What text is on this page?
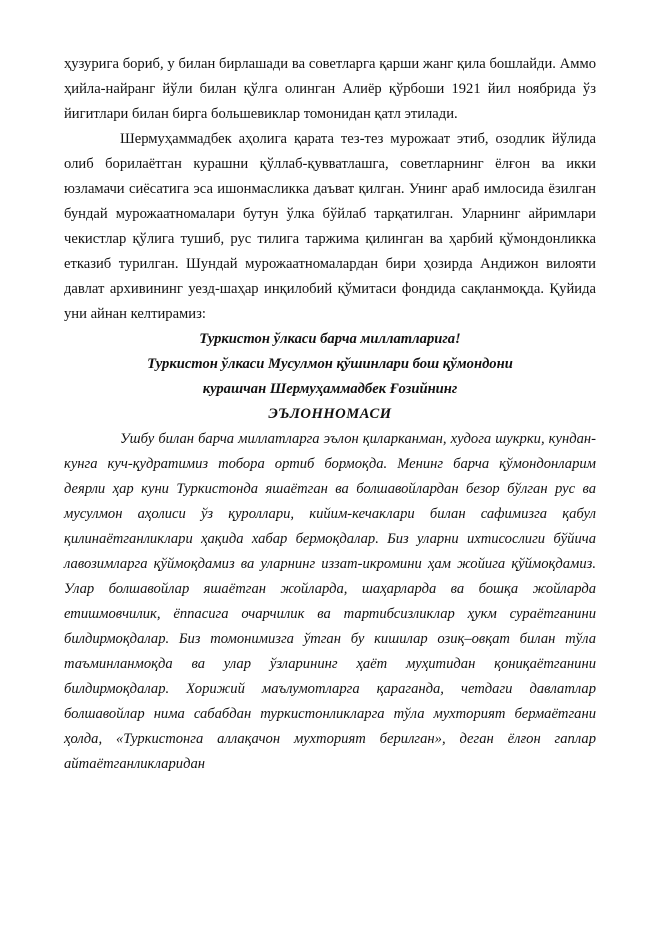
ҳузурига бориб, у билан бирлашади ва советларга қарши жанг қила бошлайди. Аммо ҳийла-найранг йўли билан қўлга олинган Алиёр қўрбоши 1921 йил ноябрида ўз йигитлари билан бирга большевиклар томонидан қатл этилади.

Шермуҳаммадбек аҳолига қарата тез-тез мурожаат этиб, озодлик йўлида олиб борилаётган курашни қўллаб-қувватлашга, советларнинг ёлғон ва икки юзламачи сиёсатига эса ишонмасликка даъват қилган. Унинг араб имлосида ёзилган бундай мурожаатномалари бутун ўлка бўйлаб тарқатилган. Уларнинг айримлари чекистлар қўлига тушиб, рус тилига таржима қилинган ва ҳарбий қўмондонликка етказиб турилган. Шундай мурожаатномалардан бири ҳозирда Андижон вилояти давлат архивининг уезд-шаҳар инқилобий қўмитаси фондида сақланмоқда. Қуйида уни айнан келтирамиз:

Туркистон ўлкаси барча миллатларига!

Туркистон ўлкаси Мусулмон қўшинлари бош қўмондони

курашчан Шермуҳаммадбек Ғозийнинг

ЭЪЛОННОМАСИ

Ушбу билан барча миллатларга эълон қиларканман, худога шукрки, кундан-кунга куч-қудратимиз тобора ортиб бормоқда. Менинг барча қўмондонларим деярли ҳар куни Туркистонда яшаётган ва болшавойлардан безор бўлган рус ва мусулмон аҳолиси ўз қуроллари, кийим-кечаклари билан сафимизга қабул қилинаётганликлари ҳақида хабар бермоқдалар. Биз уларни ихтисослиги бўйича лавозимларга қўймоқдамиз ва уларнинг иззат-икромини ҳам жойига қўймоқдамиз. Улар болшавойлар яшаётган жойларда, шаҳарларда ва бошқа жойларда етишмовчилик, ёппасига очарчилик ва тартибсизликлар ҳукм сураётганини билдирмоқдалар. Биз томонимизга ўтган бу кишилар озиқ–овқат билан тўла таъминланмоқда ва улар ўзларининг ҳаёт муҳитидан қониқаётганини билдирмоқдалар. Хорижий маълумотларга қараганда, четдаги давлатлар болшавойлар нима сабабдан туркистонликларга тўла мухторият бермаётгани ҳолда, «Туркистонга аллақачон мухторият берилган», деган ёлғон гаплар айтаётганликларидан
